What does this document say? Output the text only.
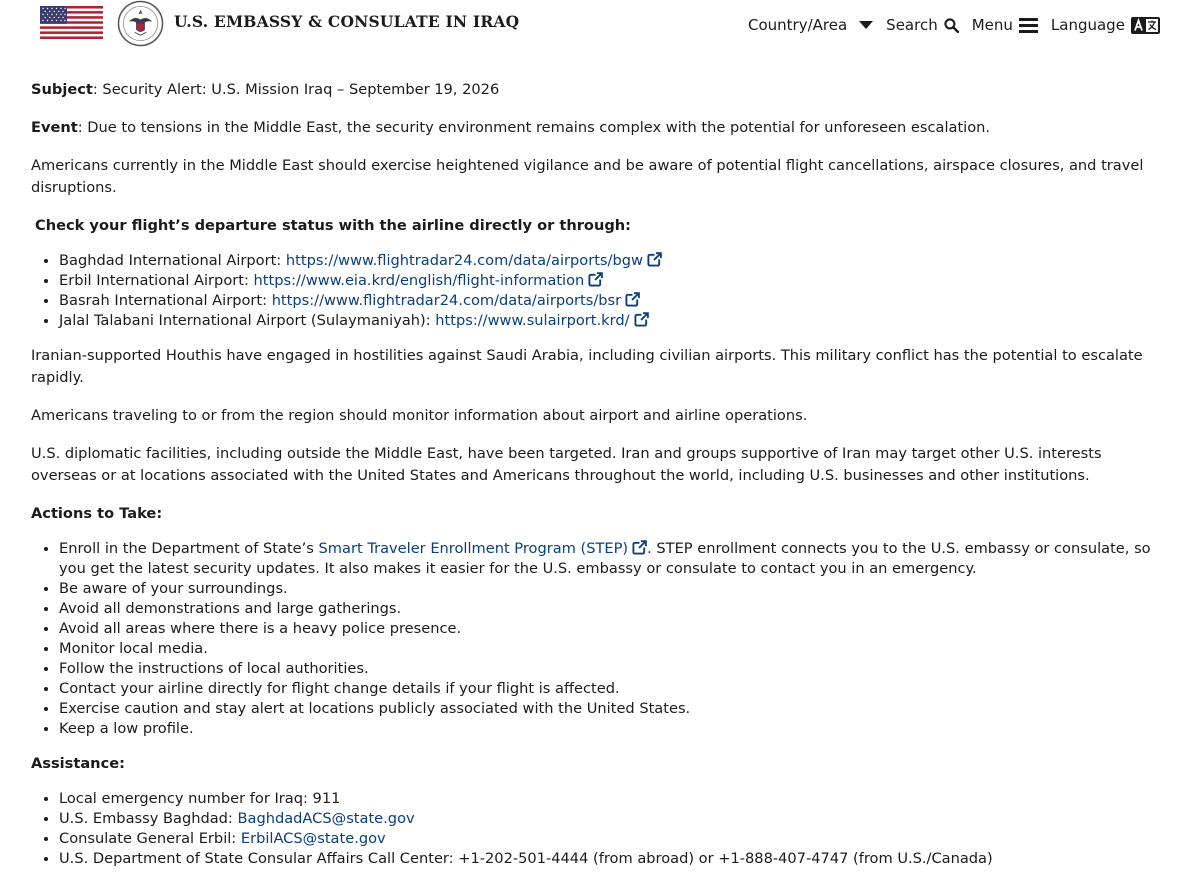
U.S. EMBASSY & CONSULATE IN IRAQ	Country/Area	Search Menu	Language

Subject: Security Alert: U.S. Mission Iraq – September 19, 2026

Event: Due to tensions in the Middle East, the security environment remains complex with the potential for unforeseen escalation.

Americans currently in the Middle East should exercise heightened vigilance and be aware of potential flight cancellations, airspace closures, and travel disruptions.

Check your flight’s departure status with the airline directly or through:

• Baghdad International Airport: https://www.flightradar24.com/data/airports/bgw
• Erbil International Airport: https://www.eia.krd/english/flight-information
• Basrah International Airport: https://www.flightradar24.com/data/airports/bsr
• Jalal Talabani International Airport (Sulaymaniyah): https://www.sulairport.krd/

Iranian-supported Houthis have engaged in hostilities against Saudi Arabia, including civilian airports. This military conflict has the potential to escalate rapidly.

Americans traveling to or from the region should monitor information about airport and airline operations.

U.S. diplomatic facilities, including outside the Middle East, have been targeted. Iran and groups supportive of Iran may target other U.S. interests overseas or at locations associated with the United States and Americans throughout the world, including U.S. businesses and other institutions.

Actions to Take:

• Enroll in the Department of State’s Smart Traveler Enrollment Program (STEP) . STEP enrollment connects you to the U.S. embassy or consulate, so you get the latest security updates. It also makes it easier for the U.S. embassy or consulate to contact you in an emergency.
• Be aware of your surroundings.
• Avoid all demonstrations and large gatherings.
• Avoid all areas where there is a heavy police presence.
• Monitor local media.
• Follow the instructions of local authorities.
• Contact your airline directly for flight change details if your flight is affected.
• Exercise caution and stay alert at locations publicly associated with the United States.
• Keep a low profile.

Assistance:

• Local emergency number for Iraq: 911
• U.S. Embassy Baghdad: BaghdadACS@state.gov
• Consulate General Erbil: ErbilACS@state.gov
• U.S. Department of State Consular Affairs Call Center: +1-202-501-4444 (from abroad) or +1-888-407-4747 (from U.S./Canada)
